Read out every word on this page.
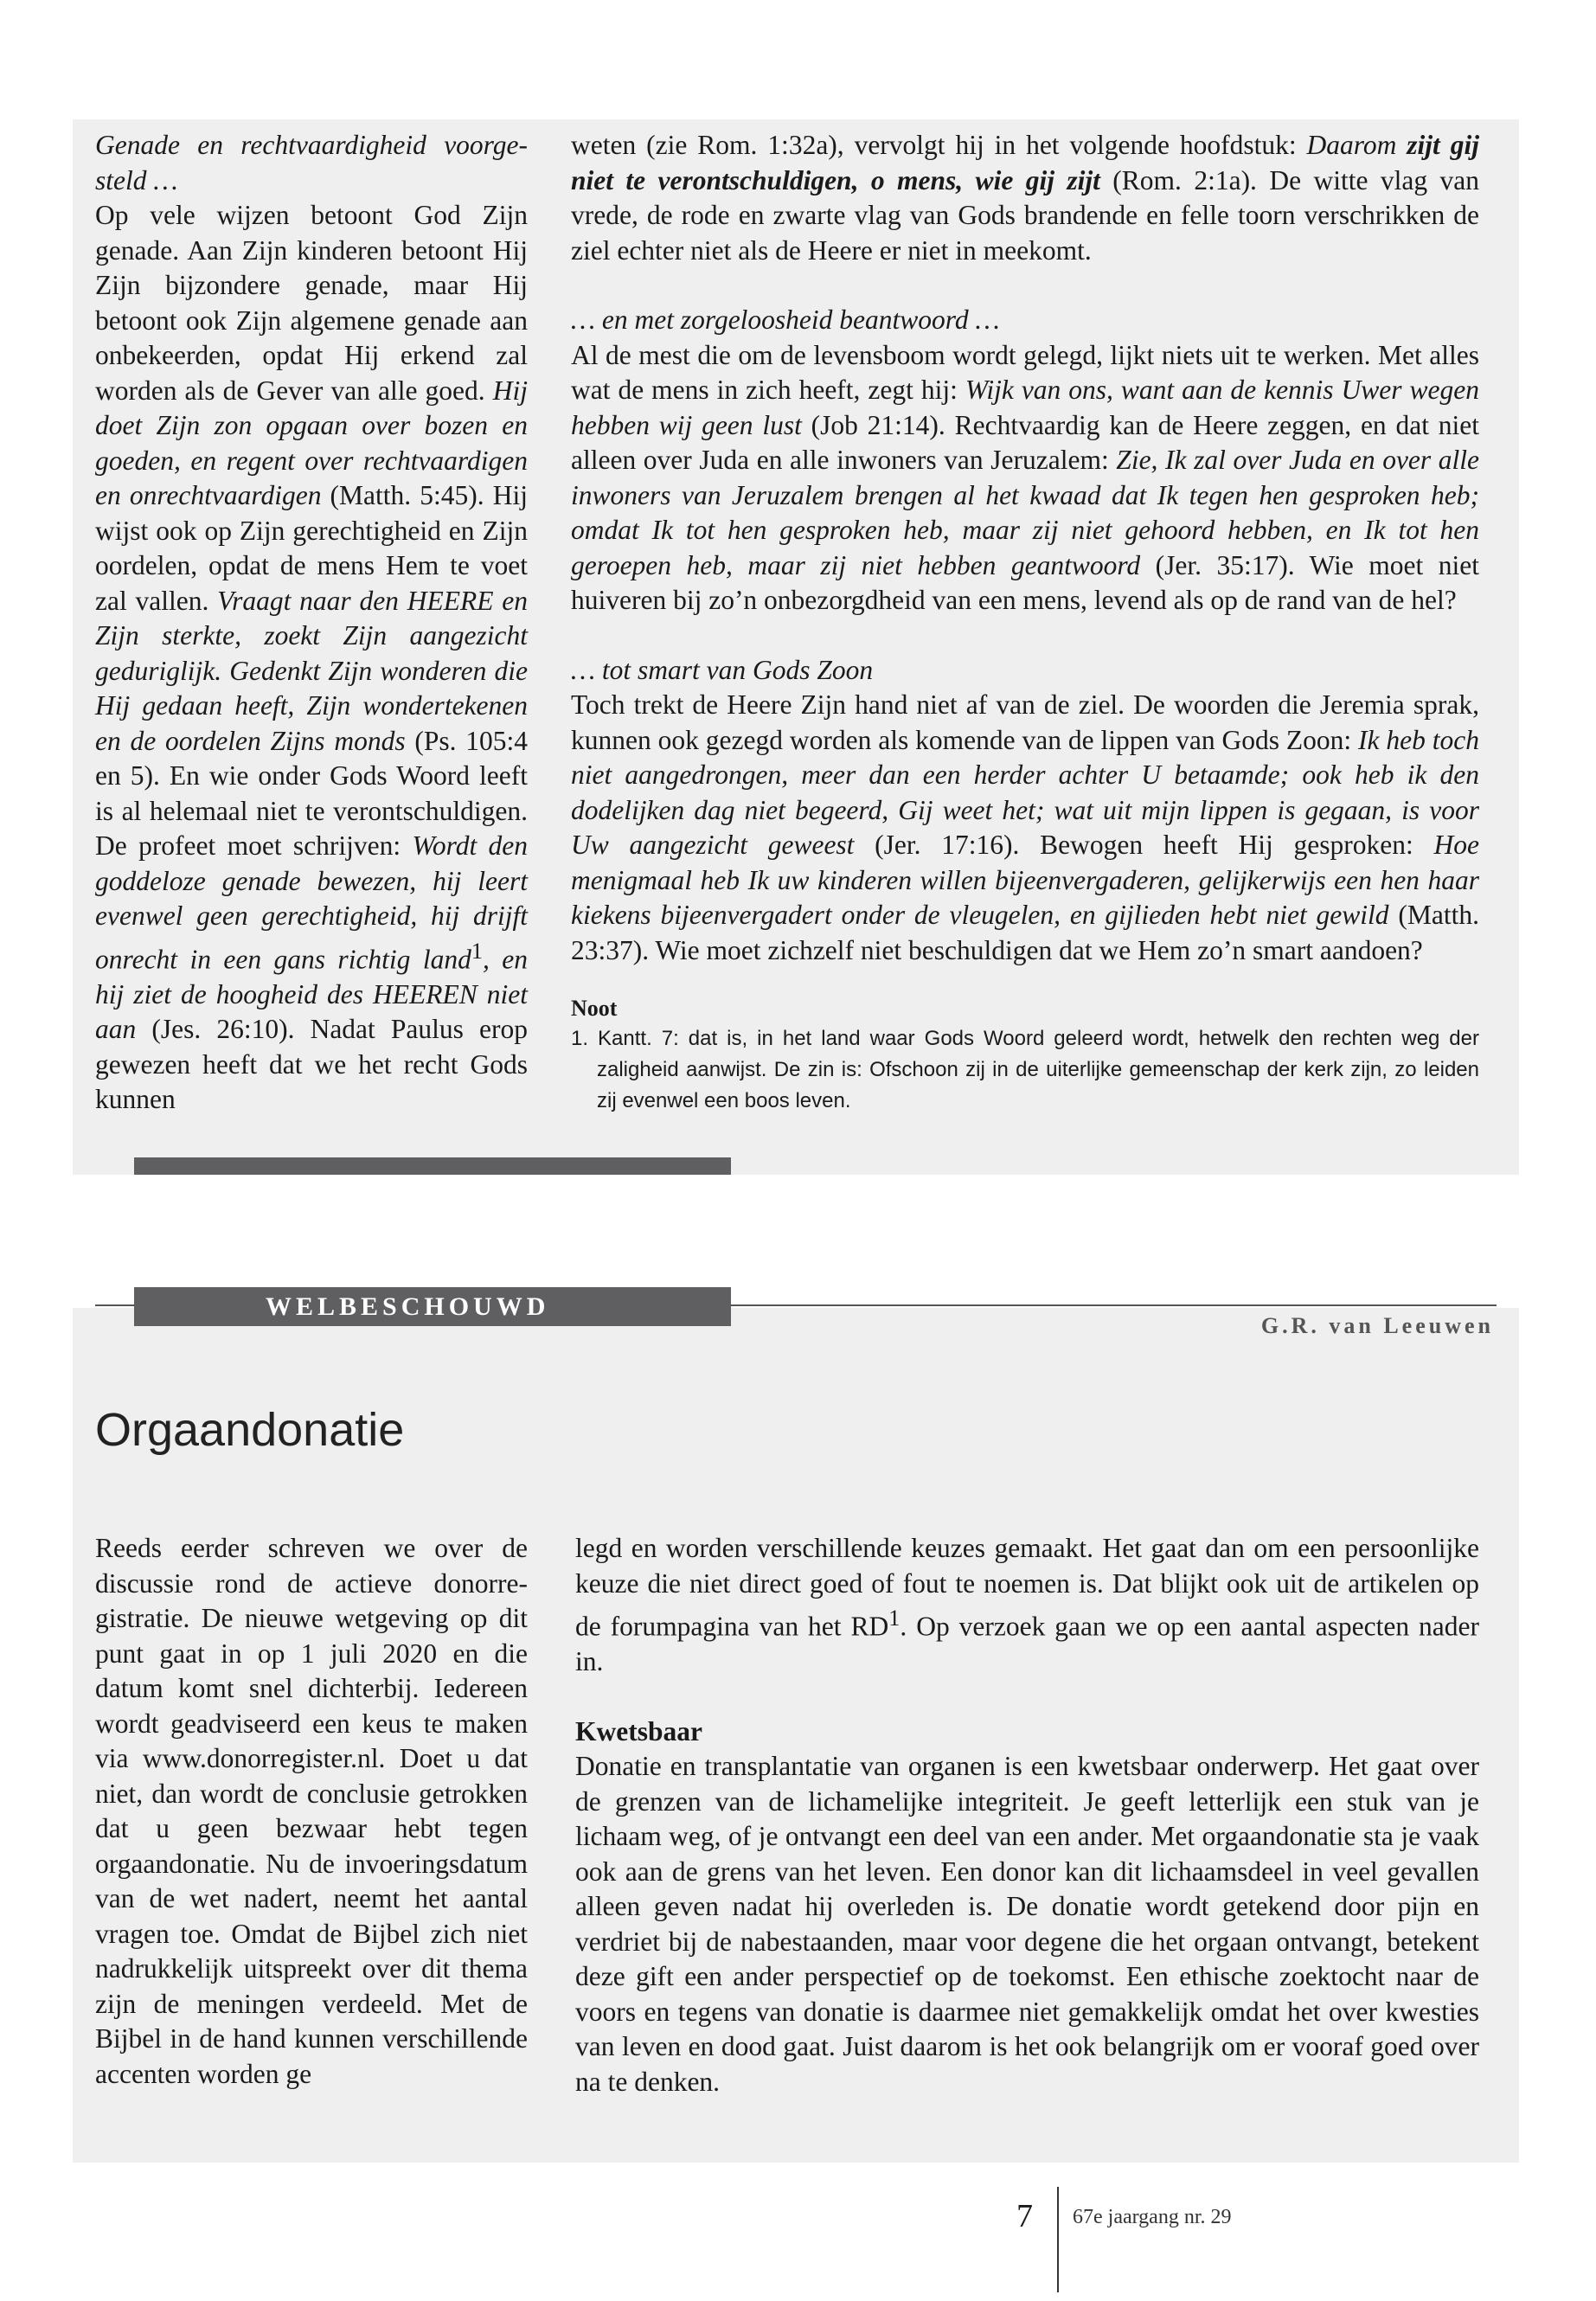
Genade en rechtvaardigheid voorgesteld …

Op vele wijzen betoont God Zijn genade. Aan Zijn kinderen betoont Hij Zijn bijzondere genade, maar Hij betoont ook Zijn algemene genade aan onbekeerden, opdat Hij erkend zal worden als de Gever van alle goed. Hij doet Zijn zon opgaan over bozen en goeden, en regent over rechtvaardigen en onrechtvaardigen (Matth. 5:45). Hij wijst ook op Zijn gerechtigheid en Zijn oordelen, opdat de mens Hem te voet zal vallen. Vraagt naar den HEERE en Zijn sterkte, zoekt Zijn aangezicht geduriglijk. Gedenkt Zijn wonderen die Hij gedaan heeft, Zijn wondertekenen en de oordelen Zijns monds (Ps. 105:4 en 5). En wie onder Gods Woord leeft is al helemaal niet te verontschuldigen. De profeet moet schrijven: Wordt den goddeloze genade bewezen, hij leert evenwel geen gerechtigheid, hij drijft onrecht in een gans richtig land$^1$, en hij ziet de hoogheid des HEEREN niet aan (Jes. 26:10). Nadat Paulus erop gewezen heeft dat we het recht Gods kunnen

weten (zie Rom. 1:32a), vervolgt hij in het volgende hoofdstuk: Daarom zijt gij niet te verontschuldigen, o mens, wie gij zijt (Rom. 2:1a). De witte vlag van vrede, de rode en zwarte vlag van Gods brandende en felle toorn verschrikken de ziel echter niet als de Heere er niet in meekomt.

… en met zorgeloosheid beantwoord …

Al de mest die om de levensboom wordt gelegd, lijkt niets uit te werken. Met alles wat de mens in zich heeft, zegt hij: Wijk van ons, want aan de kennis Uwer wegen hebben wij geen lust (Job 21:14). Rechtvaardig kan de Heere zeggen, en dat niet alleen over Juda en alle inwoners van Jeruzalem: Zie, Ik zal over Juda en over alle inwoners van Jeruzalem brengen al het kwaad dat Ik tegen hen gesproken heb; omdat Ik tot hen gesproken heb, maar zij niet gehoord hebben, en Ik tot hen geroepen heb, maar zij niet hebben geantwoord (Jer. 35:17). Wie moet niet huiveren bij zo’n onbezorgdheid van een mens, levend als op de rand van de hel?

… tot smart van Gods Zoon

Toch trekt de Heere Zijn hand niet af van de ziel. De woorden die Jeremia sprak, kunnen ook gezegd worden als komende van de lippen van Gods Zoon: Ik heb toch niet aangedrongen, meer dan een herder achter U betaamde; ook heb ik den dodelijken dag niet begeerd, Gij weet het; wat uit mijn lippen is gegaan, is voor Uw aangezicht geweest (Jer. 17:16). Bewogen heeft Hij gesproken: Hoe menigmaal heb Ik uw kinderen willen bijeenvergaderen, gelijkerwijs een hen haar kiekens bijeenvergadert onder de vleugelen, en gijlieden hebt niet gewild (Matth. 23:37). Wie moet zichzelf niet beschuldigen dat we Hem zo’n smart aandoen?

Noot

1. Kantt. 7: dat is, in het land waar Gods Woord geleerd wordt, hetwelk den rechten weg der zaligheid aanwijst. De zin is: Ofschoon zij in de uiterlijke gemeenschap der kerk zijn, zo leiden zij evenwel een boos leven.

WELBESCHOUWD
G.R. van Leeuwen
Orgaandonatie

Reeds eerder schreven we over de discussie rond de actieve donorregistratie. De nieuwe wetgeving op dit punt gaat in op 1 juli 2020 en die datum komt snel dichterbij. Iedereen wordt geadviseerd een keus te maken via www.donorregister.nl. Doet u dat niet, dan wordt de conclusie getrokken dat u geen bezwaar hebt tegen orgaandonatie. Nu de invoeringsdatum van de wet nadert, neemt het aantal vragen toe. Omdat de Bijbel zich niet nadrukkelijk uitspreekt over dit thema zijn de meningen verdeeld. Met de Bijbel in de hand kunnen verschillende accenten worden ge

legd en worden verschillende keuzes gemaakt. Het gaat dan om een persoonlijke keuze die niet direct goed of fout te noemen is. Dat blijkt ook uit de artikelen op de forumpagina van het $RD^1$. Op verzoek gaan we op een aantal aspecten nader in.

Kwetsbaar

Donatie en transplantatie van organen is een kwetsbaar onderwerp. Het gaat over de grenzen van de lichamelijke integriteit. Je geeft letterlijk een stuk van je lichaam weg, of je ontvangt een deel van een ander. Met orgaandonatie sta je vaak ook aan de grens van het leven. Een donor kan dit lichaamsdeel in veel gevallen alleen geven nadat hij overleden is. De donatie wordt getekend door pijn en verdriet bij de nabestaanden, maar voor degene die het orgaan ontvangt, betekent deze gift een ander perspectief op de toekomst. Een ethische zoektocht naar de voors en tegens van donatie is daarmee niet gemakkelijk omdat het over kwesties van leven en dood gaat. Juist daarom is het ook belangrijk om er vooraf goed over na te denken.

7 67e jaargang nr. 29
